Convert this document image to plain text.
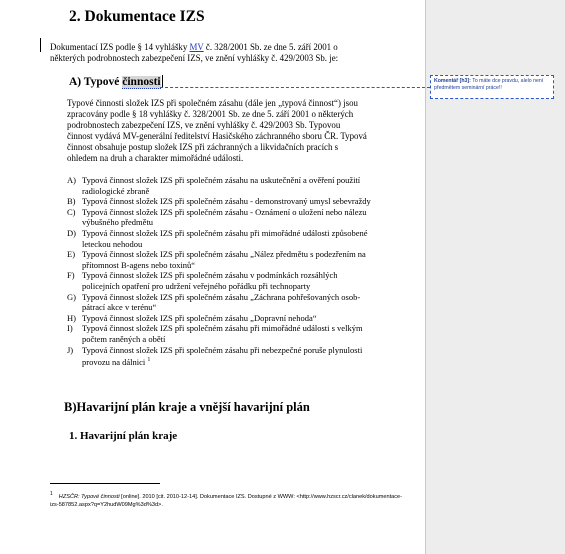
2. Dokumentace IZS
Dokumentací IZS podle § 14 vyhlášky MV č. 328/2001 Sb. ze dne 5. září 2001 o některých podrobnostech zabezpečení IZS, ve znění vyhlášky č. 429/2003 Sb. je:
A) Typové činnosti
Typové činnosti složek IZS při společném zásahu (dále jen „typová činnost“) jsou zpracovány podle § 18 vyhlášky č. 328/2001 Sb. ze dne 5. září 2001 o některých podrobnostech zabezpečení IZS, ve znění vyhlášky č. 429/2003 Sb. Typovou činnost vydává MV-generální ředitelství Hasičského záchranného sboru ČR. Typová činnost obsahuje postup složek IZS při záchranných a likvidačních pracích s ohledem na druh a charakter mimořádné události.
A) Typová činnost složek IZS při společném zásahu na uskutečnění a ověření použití radiologické zbraně
B) Typová činnost složek IZS při společném zásahu - demonstrovaný umysl sebevraždy
C) Typová činnost složek IZS při společném zásahu - Oznámení o uložení nebo nálezu výbušného předmětu
D) Typová činnost složek IZS při společném zásahu při mimořádné události způsobené leteckou nehodou
E) Typová činnost složek IZS při společném zásahu „Nález předmětu s podezřením na přítomnost B-agens nebo toxinů“
F) Typová činnost složek IZS při společném zásahu v podmínkách rozsáhlých policejních opatření pro udržení veřejného pořádku při technoparty
G) Typová činnost složek IZS při společném zásahu „Záchrana pohřešovaných osob-pátrací akce v terénu“
H) Typová činnost složek IZS při společném zásahu „Dopravní nehoda“
I) Typová činnost složek IZS při společném zásahu při mimořádné události s velkým počtem raněných a obětí
J) Typová činnost složek IZS při společném zásahu při nebezpečné poruše plynulosti provozu na dálnici $^1$
B)Havarijní plán kraje a vnější havarijní plán
1. Havarijní plán kraje
1 HZSČR: Typové činnosti [online]. 2010 [cit. 2010-12-14]. Dokumentace IZS. Dostupné z WWW: <http://www.hzscr.cz/clanek/dokumentace-izs-587852.aspx?q=Y2hudW09Mg%3d%3d>.
Komentář [h3]: To máte dce pravdu, alelo není předmětem seminární práce!!
